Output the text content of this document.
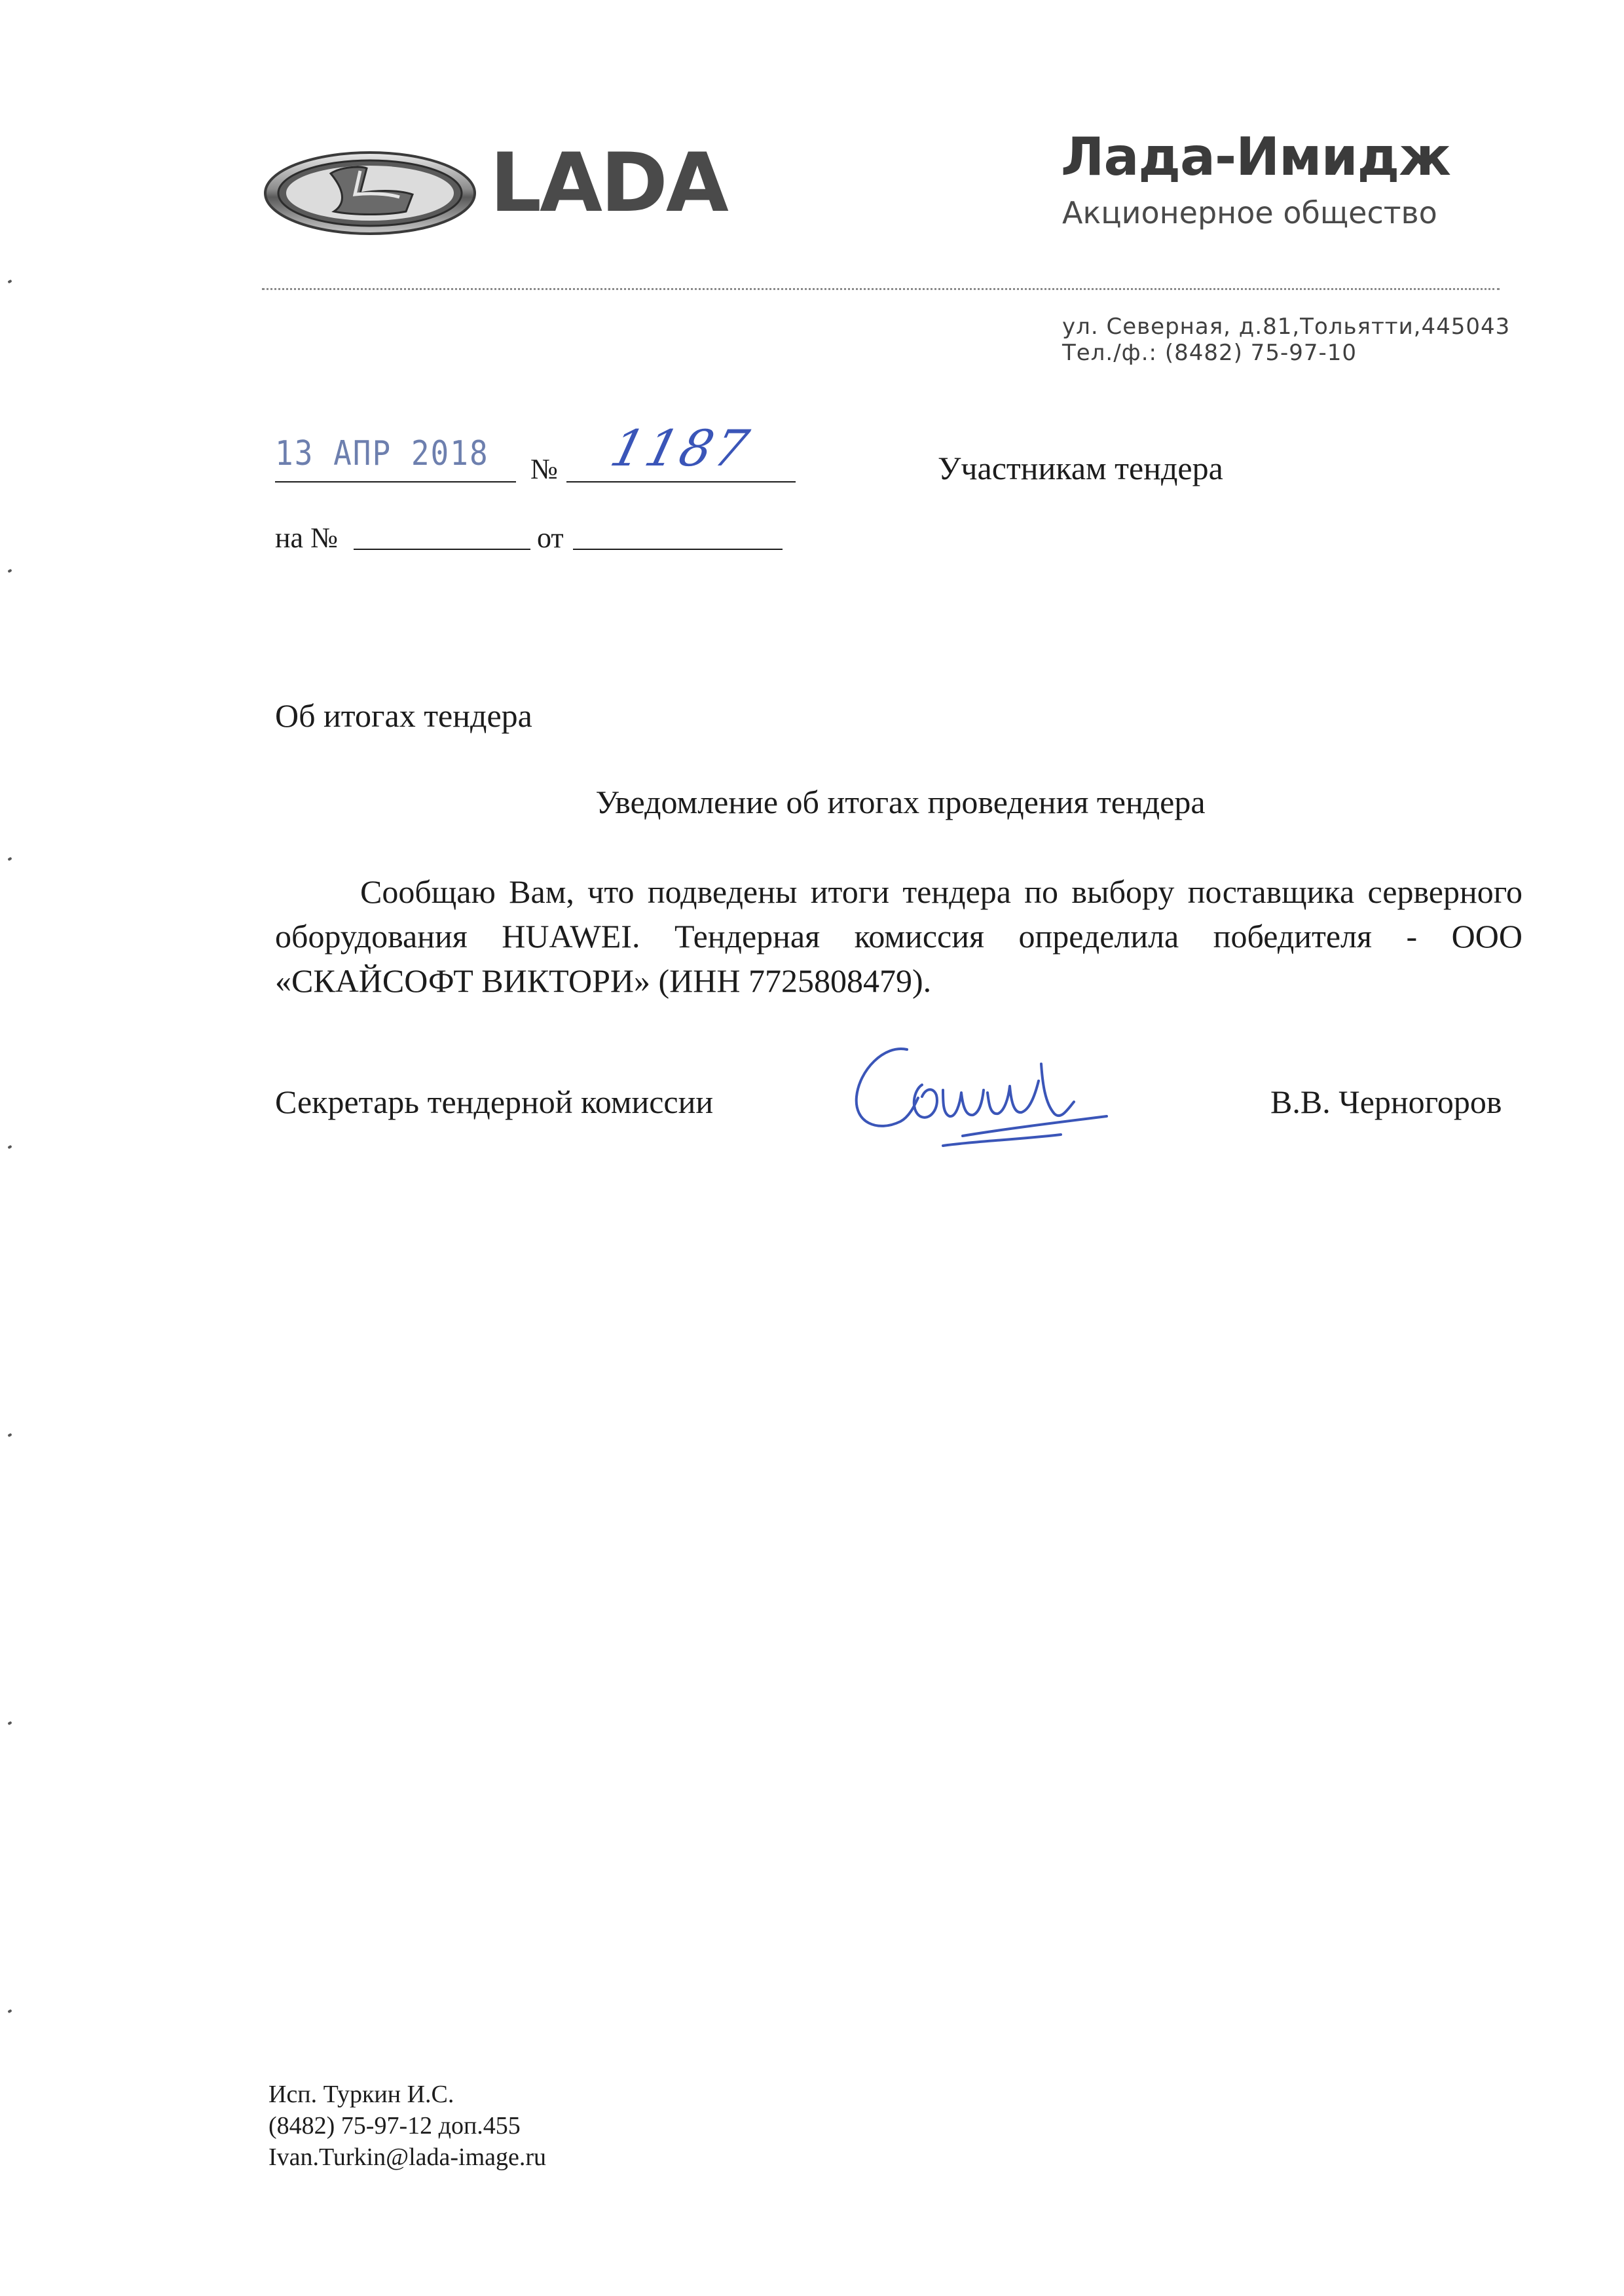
LADA	Лада-Имидж
Акционерное общество
ул. Северная, д.81,Тольятти,445043
Тел./ф.: (8482) 75-97-10
13 АПР 2018 № 1187
на №	от
Участникам тендера
Об итогах тендера
Уведомление об итогах проведения тендера
Сообщаю Вам, что подведены итоги тендера по выбору поставщика серверного оборудования HUAWEI. Тендерная комиссия определила победителя - ООО «СКАЙСОФТ ВИКТОРИ» (ИНН 7725808479).
Секретарь тендерной комиссии	В.В. Черногоров
Исп. Туркин И.С.
(8482) 75-97-12 доп.455
Ivan.Turkin@lada-image.ru
